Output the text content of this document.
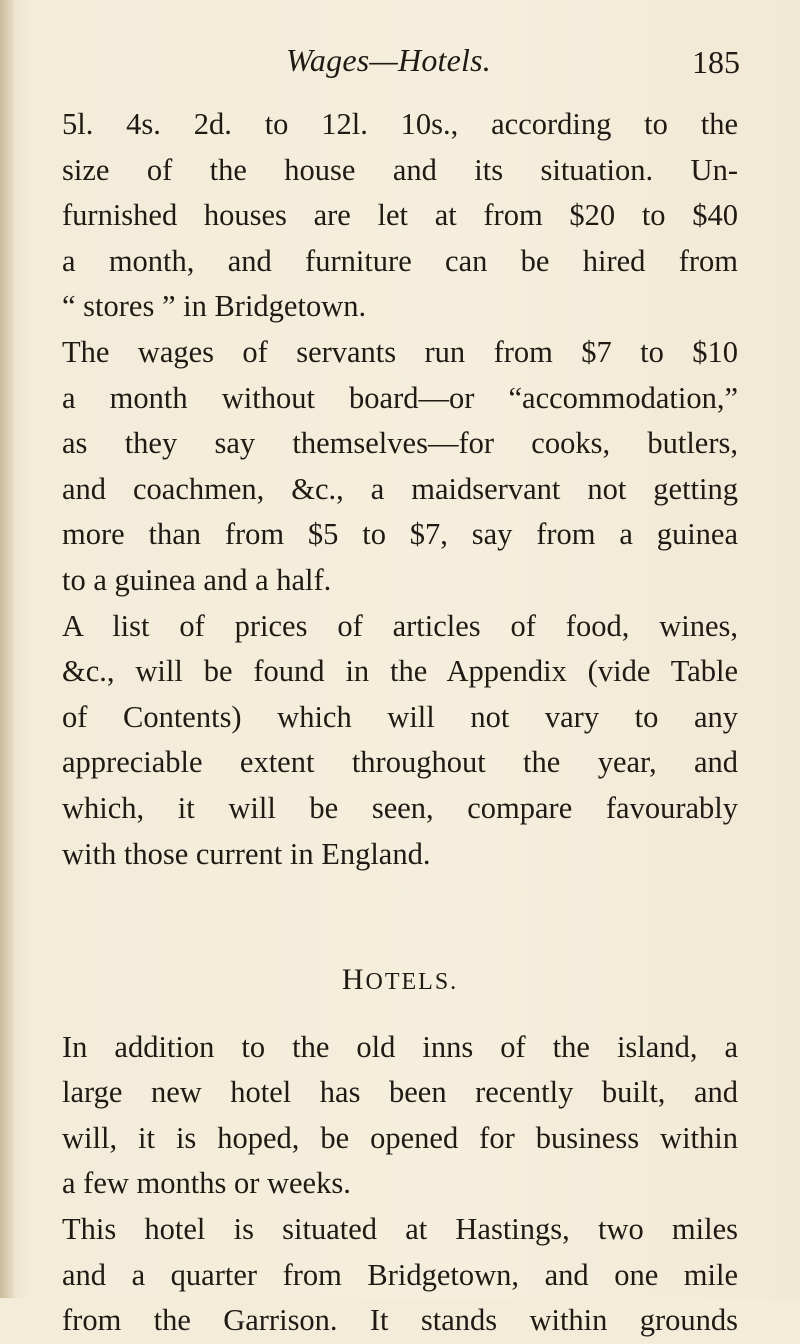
Wages—Hotels.	185
5l. 4s. 2d. to 12l. 10s., according to the
size of the house and its situation. Un-
furnished houses are let at from $20 to $40
a month, and furniture can be hired from
“ stores ” in Bridgetown.
The wages of servants run from $7 to $10
a month without board—or “accommodation,”
as they say themselves—for cooks, butlers,
and coachmen, &c., a maidservant not getting
more than from $5 to $7, say from a guinea
to a guinea and a half.
A list of prices of articles of food, wines,
&c., will be found in the Appendix (vide Table
of Contents) which will not vary to any
appreciable extent throughout the year, and
which, it will be seen, compare favourably
with those current in England.
HOTELS.
In addition to the old inns of the island, a
large new hotel has been recently built, and
will, it is hoped, be opened for business within
a few months or weeks.
This hotel is situated at Hastings, two miles
and a quarter from Bridgetown, and one mile
from the Garrison. It stands within grounds
